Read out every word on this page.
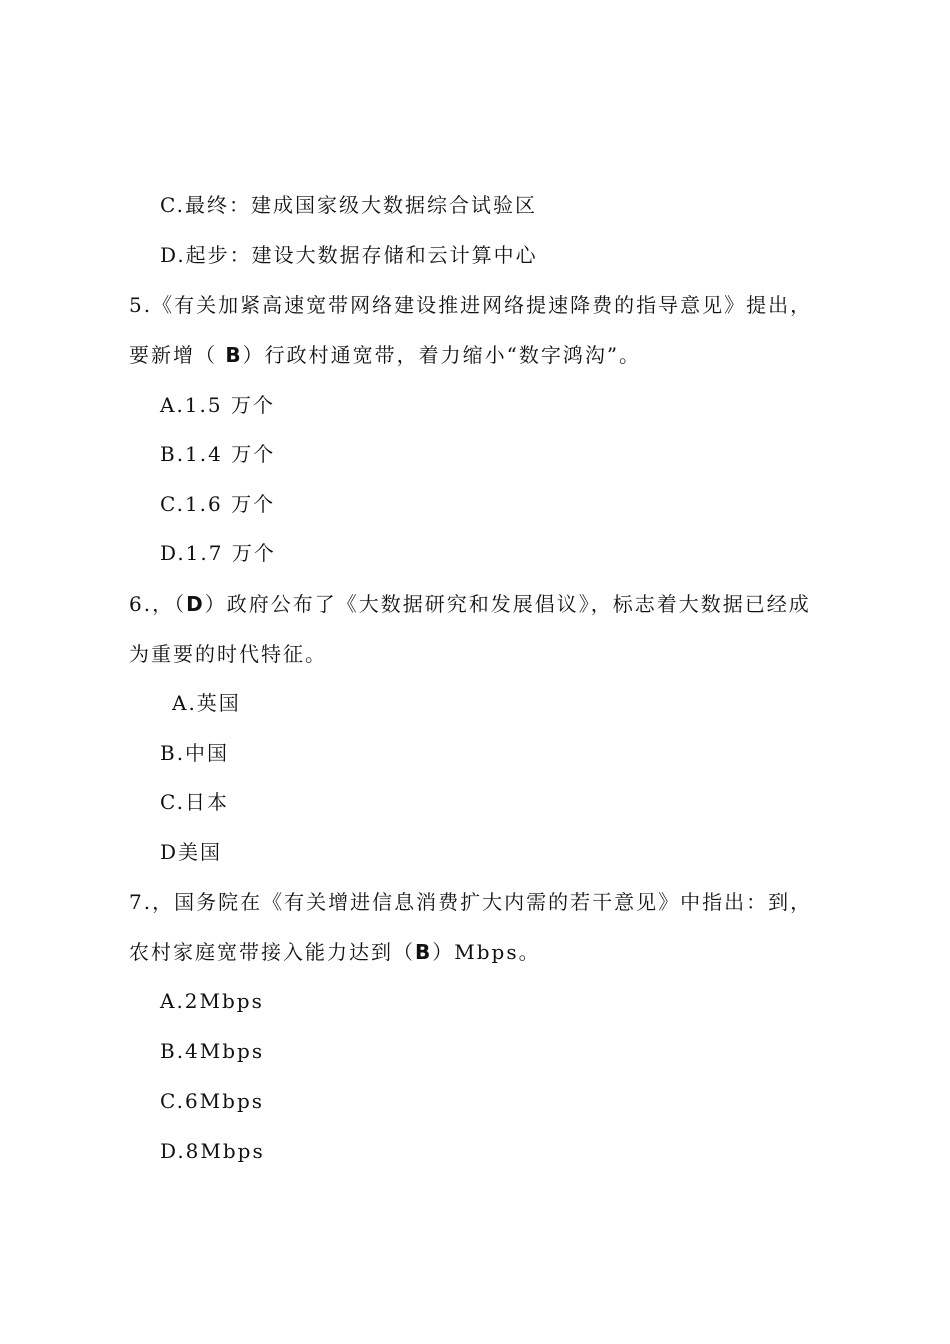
C.最终：建成国家级大数据综合试验区
D.起步：建设大数据存储和云计算中心
5.《有关加紧高速宽带网络建设推进网络提速降费的指导意见》提出，
要新增（ B）行政村通宽带，着力缩小“数字鸿沟”。
A.1.5 万个
B.1.4 万个
C.1.6 万个
D.1.7 万个
6.，（D）政府公布了《大数据研究和发展倡议》，标志着大数据已经成
为重要的时代特征。
A.英国
B.中国
C.日本
D美国
7.，国务院在《有关增进信息消费扩大内需的若干意见》中指出：到，
农村家庭宽带接入能力达到（B）Mbps。
A.2Mbps
B.4Mbps
C.6Mbps
D.8Mbps
